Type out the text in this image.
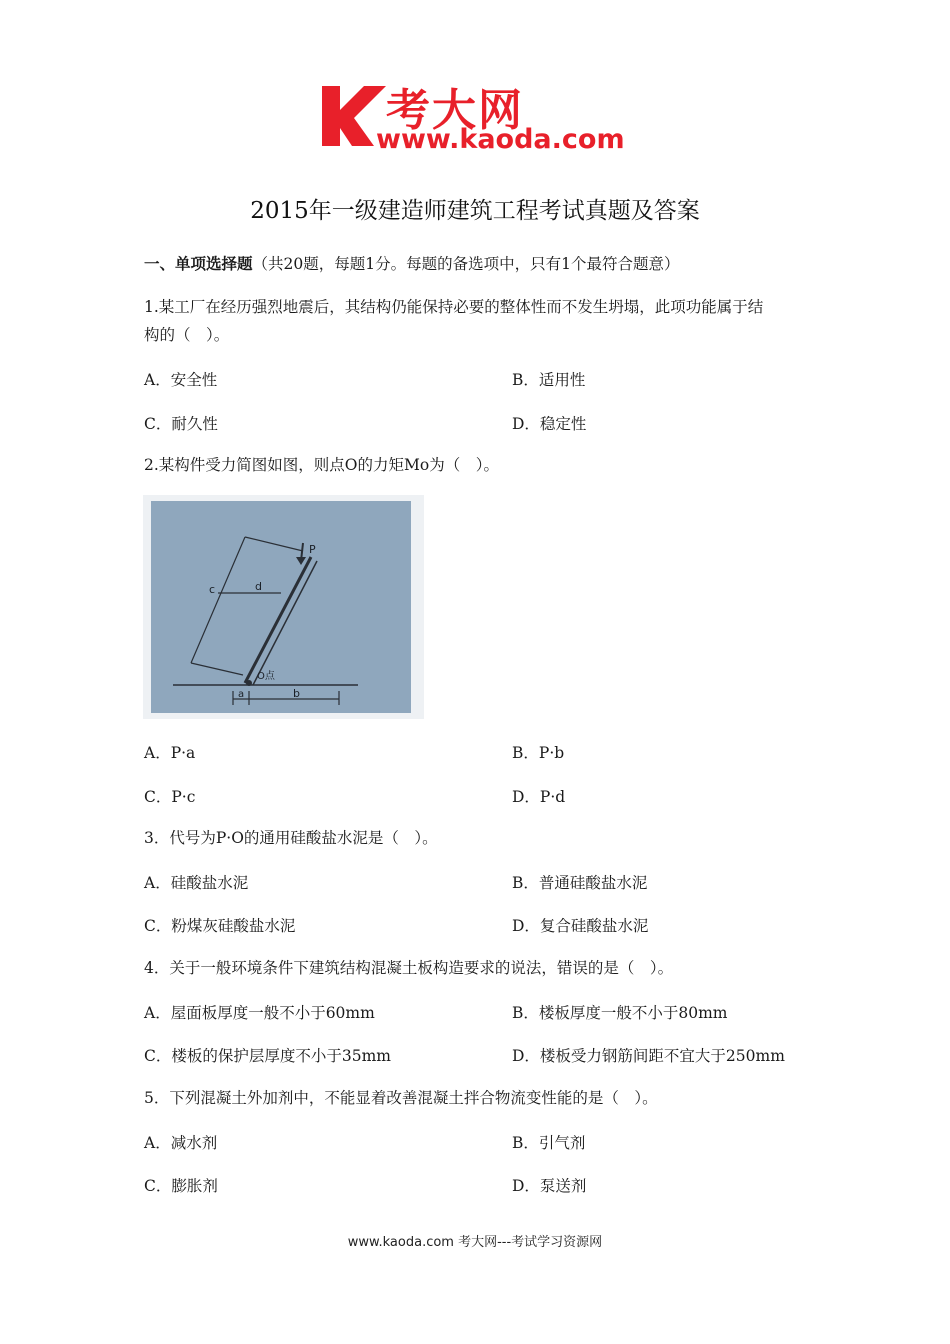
考大网
www.kaoda.com
2015年一级建造师建筑工程考试真题及答案
一、单项选择题（共20题，每题1分。每题的备选项中，只有1个最符合题意）
1.某工厂在经历强烈地震后，其结构仍能保持必要的整体性而不发生坍塌，此项功能属于结
构的（　）。
A．安全性	B．适用性
C．耐久性	D．稳定性
2.某构件受力简图如图，则点O的力矩Mo为（　）。
P
d
c
O点
a	b
A．P·a	B．P·b
C．P·c	D．P·d
3．代号为P·O的通用硅酸盐水泥是（　）。
A．硅酸盐水泥	B．普通硅酸盐水泥
C．粉煤灰硅酸盐水泥	D．复合硅酸盐水泥
4．关于一般环境条件下建筑结构混凝土板构造要求的说法，错误的是（　）。
A．屋面板厚度一般不小于60mm	B．楼板厚度一般不小于80mm
C．楼板的保护层厚度不小于35mm	D．楼板受力钢筋间距不宜大于250mm
5．下列混凝土外加剂中，不能显着改善混凝土拌合物流变性能的是（　）。
A．减水剂	B．引气剂
C．膨胀剂	D．泵送剂
www.kaoda.com 考大网---考试学习资源网
